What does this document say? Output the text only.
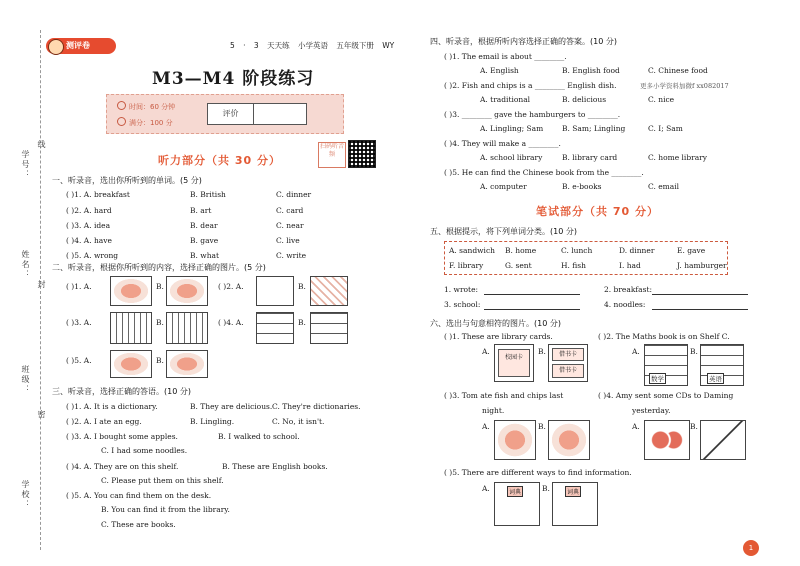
学号：
姓名：
班级：
学校：
线
封
密
测评卷	5 · 3 天天练 小学英语 五年级下册 WY
M3—M4 阶段练习
时间：60 分钟
满分：100 分
评价
扫码听音频
听力部分（共 30 分）
一、听录音，选出你所听到的单词。(5 分)
( )1. A. breakfast	B. British	C. dinner
( )2. A. hard	B. art	C. card
( )3. A. idea	B. dear	C. near
( )4. A. have	B. gave	C. live
( )5. A. wrong	B. what	C. write
二、听录音，根据你所听到的内容，选择正确的图片。(5 分)
( )1. A.	B.	( )2. A.	B.
( )3. A.	B.	( )4. A.	B.
( )5. A.	B.
三、听录音，选择正确的答语。(10 分)
( )1. A. It is a dictionary.	B. They are delicious. C. They're dictionaries.
( )2. A. I ate an egg.	B. Lingling.	C. No, it isn't.
( )3. A. I bought some apples.	B. I walked to school.
C. I had some noodles.
( )4. A. They are on this shelf.	B. These are English books.
C. Please put them on this shelf.
( )5. A. You can find them on the desk.
B. You can find it from the library.
C. These are books.
四、听录音，根据所听内容选择正确的答案。(10 分)
( )1. The email is about ________.
A. English	B. English food	C. Chinese food
( )2. Fish and chips is a ________ English dish.	更多小学资料加微f xx082017
A. traditional	B. delicious	C. nice
( )3. ________ gave the hamburgers to ________.
A. Lingling; Sam B. Sam; Lingling	C. I; Sam
( )4. They will make a ________.
A. school library	B. library card	C. home library
( )5. He can find the Chinese book from the ________.
A. computer	B. e-books	C. email
笔试部分（共 70 分）
五、根据提示，将下列单词分类。(10 分)
A. sandwich B. home	C. lunch	D. dinner	E. gave
F. library	G. sent	H. fish	I. had	J. hamburger
1. wrote:	2. breakfast:
3. school:	4. noodles:
六、选出与句意相符的图片。(10 分)
( )1. These are library cards.
A.
校园卡
B.	借书卡
借书卡
( )2. The Maths book is on Shelf C.
A.
数学
B.
英语
( )3. Tom ate fish and chips last
night.
A.	B.
( )4. Amy sent some CDs to Daming
yesterday.
A.	B.
( )5. There are different ways to find information.
A.	词典	B.	词典
1
